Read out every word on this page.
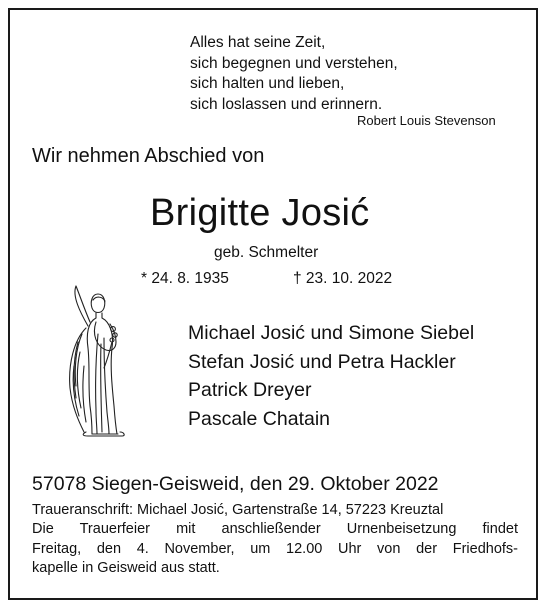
Alles hat seine Zeit,
sich begegnen und verstehen,
sich halten und lieben,
sich loslassen und erinnern.
Robert Louis Stevenson
Wir nehmen Abschied von
Brigitte Josić
geb. Schmelter
* 24. 8. 1935	† 23. 10. 2022
Michael Josić und Simone Siebel
Stefan Josić und Petra Hackler
Patrick Dreyer
Pascale Chatain
57078 Siegen-Geisweid, den 29. Oktober 2022
Traueranschrift: Michael Josić, Gartenstraße 14, 57223 Kreuztal
Die Trauerfeier mit anschließender Urnenbeisetzung findet
Freitag, den 4. November, um 12.00 Uhr von der Friedhofs-
kapelle in Geisweid aus statt.
